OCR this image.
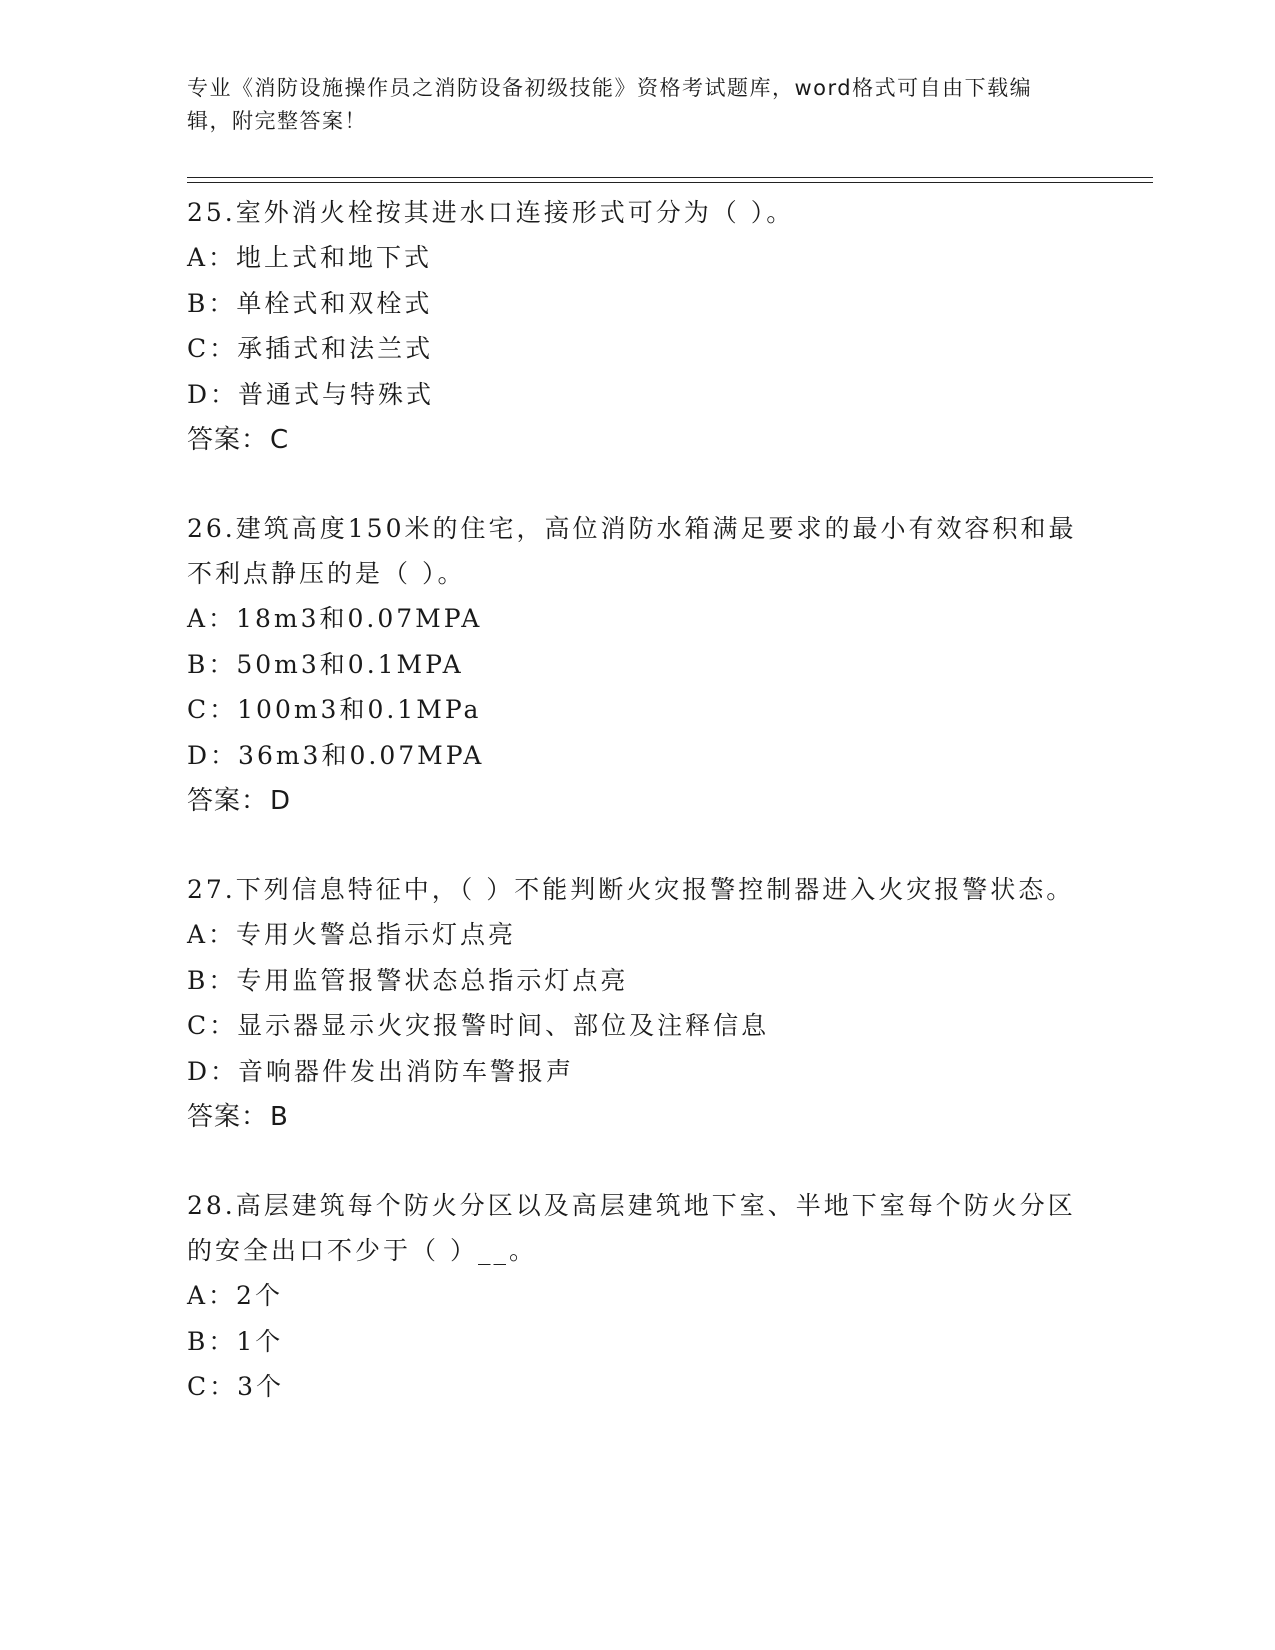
专业《消防设施操作员之消防设备初级技能》资格考试题库，word格式可自由下载编辑，附完整答案！

25.室外消火栓按其进水口连接形式可分为（ ）。

A：地上式和地下式

B：单栓式和双栓式

C：承插式和法兰式

D：普通式与特殊式

答案：C

26.建筑高度150米的住宅，高位消防水箱满足要求的最小有效容积和最不利点静压的是（ ）。

A：18m3和0.07MPA

B：50m3和0.1MPA

C：100m3和0.1MPa

D：36m3和0.07MPA

答案：D

27.下列信息特征中，（ ）不能判断火灾报警控制器进入火灾报警状态。

A：专用火警总指示灯点亮

B：专用监管报警状态总指示灯点亮

C：显示器显示火灾报警时间、部位及注释信息

D：音响器件发出消防车警报声

答案：B

28.高层建筑每个防火分区以及高层建筑地下室、半地下室每个防火分区的安全出口不少于（ ）__。

A：2个

B：1个

C：3个
